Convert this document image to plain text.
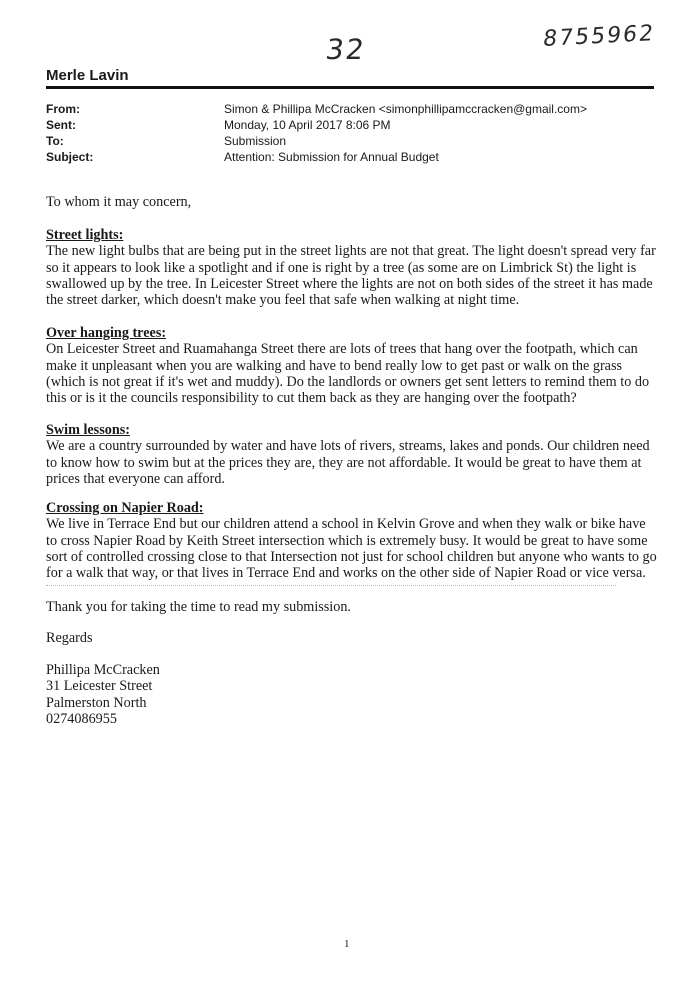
32	8755962
Merle Lavin
From:	Simon & Phillipa McCracken <simonphillipamccracken@gmail.com>
Sent:	Monday, 10 April 2017 8:06 PM
To:	Submission
Subject:	Attention: Submission for Annual Budget
To whom it may concern,
Street lights:

The new light bulbs that are being put in the street lights are not that great. The light doesn't spread very far so it appears to look like a spotlight and if one is right by a tree (as some are on Limbrick St) the light is swallowed up by the tree. In Leicester Street where the lights are not on both sides of the street it has made the street darker, which doesn't make you feel that safe when walking at night time.

Over hanging trees:

On Leicester Street and Ruamahanga Street there are lots of trees that hang over the footpath, which can make it unpleasant when you are walking and have to bend really low to get past or walk on the grass (which is not great if it's wet and muddy). Do the landlords or owners get sent letters to remind them to do this or is it the councils responsibility to cut them back as they are hanging over the footpath?

Swim lessons:

We are a country surrounded by water and have lots of rivers, streams, lakes and ponds. Our children need to know how to swim but at the prices they are, they are not affordable. It would be great to have them at prices that everyone can afford.

Crossing on Napier Road:

We live in Terrace End but our children attend a school in Kelvin Grove and when they walk or bike have to cross Napier Road by Keith Street intersection which is extremely busy. It would be great to have some sort of controlled crossing close to that Intersection not just for school children but anyone who wants to go for a walk that way, or that lives in Terrace End and works on the other side of Napier Road or vice versa.

Thank you for taking the time to read my submission.
Regards
Phillipa McCracken
31 Leicester Street
Palmerston North
0274086955
1
